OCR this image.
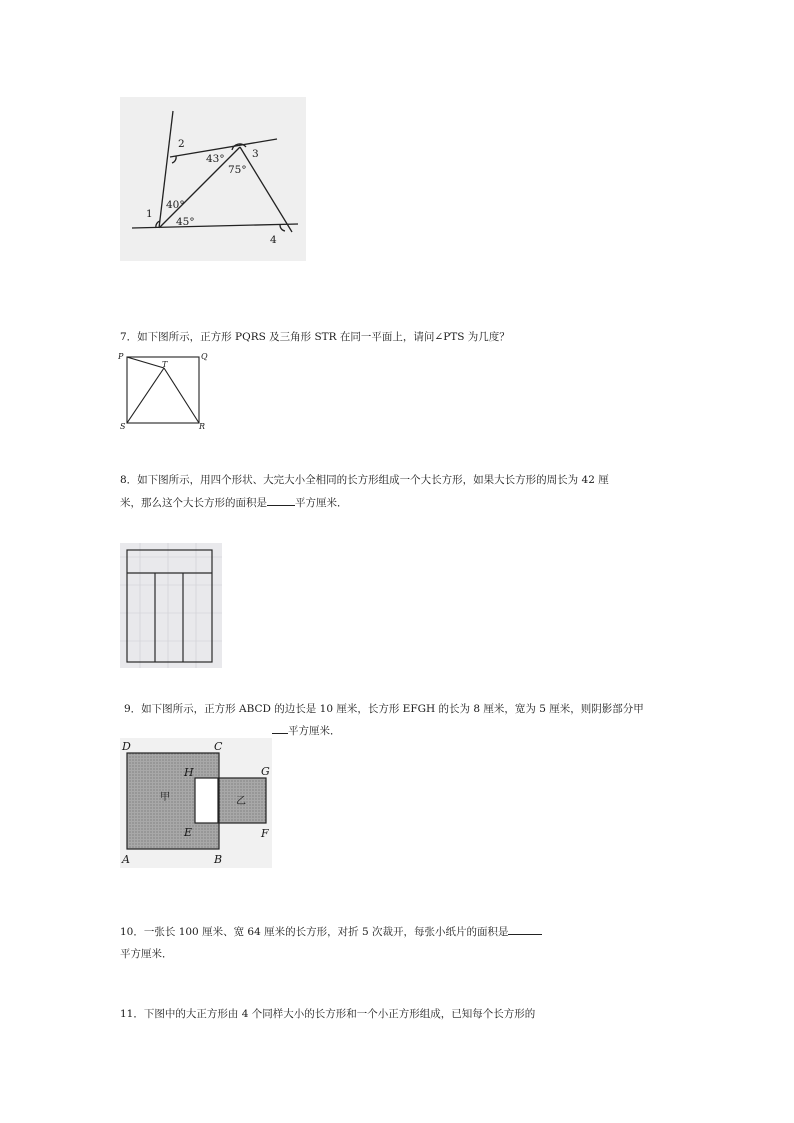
2
43°	3
75°
1
40°
45°
4
7．如下图所示，正方形 PQRS 及三角形 STR 在同一平面上，请问∠PTS 为几度？
P	Q
T
S	R
8．如下图所示，用四个形状、大完大小全相同的长方形组成一个大长方形，如果大长方形的周长为 42 厘
米，那么这个大长方形的面积是	平方厘米．
9．如下图所示，正方形 ABCD 的边长是 10 厘米，长方形 EFGH 的长为 8 厘米，宽为 5 厘米，则阴影部分甲
平方厘米．
D	C
H	G
甲	乙
E	F
A	B
10．一张长 100 厘米、宽 64 厘米的长方形，对折 5 次裁开，每张小纸片的面积是
平方厘米．
11．下图中的大正方形由 4 个同样大小的长方形和一个小正方形组成，已知每个长方形的
